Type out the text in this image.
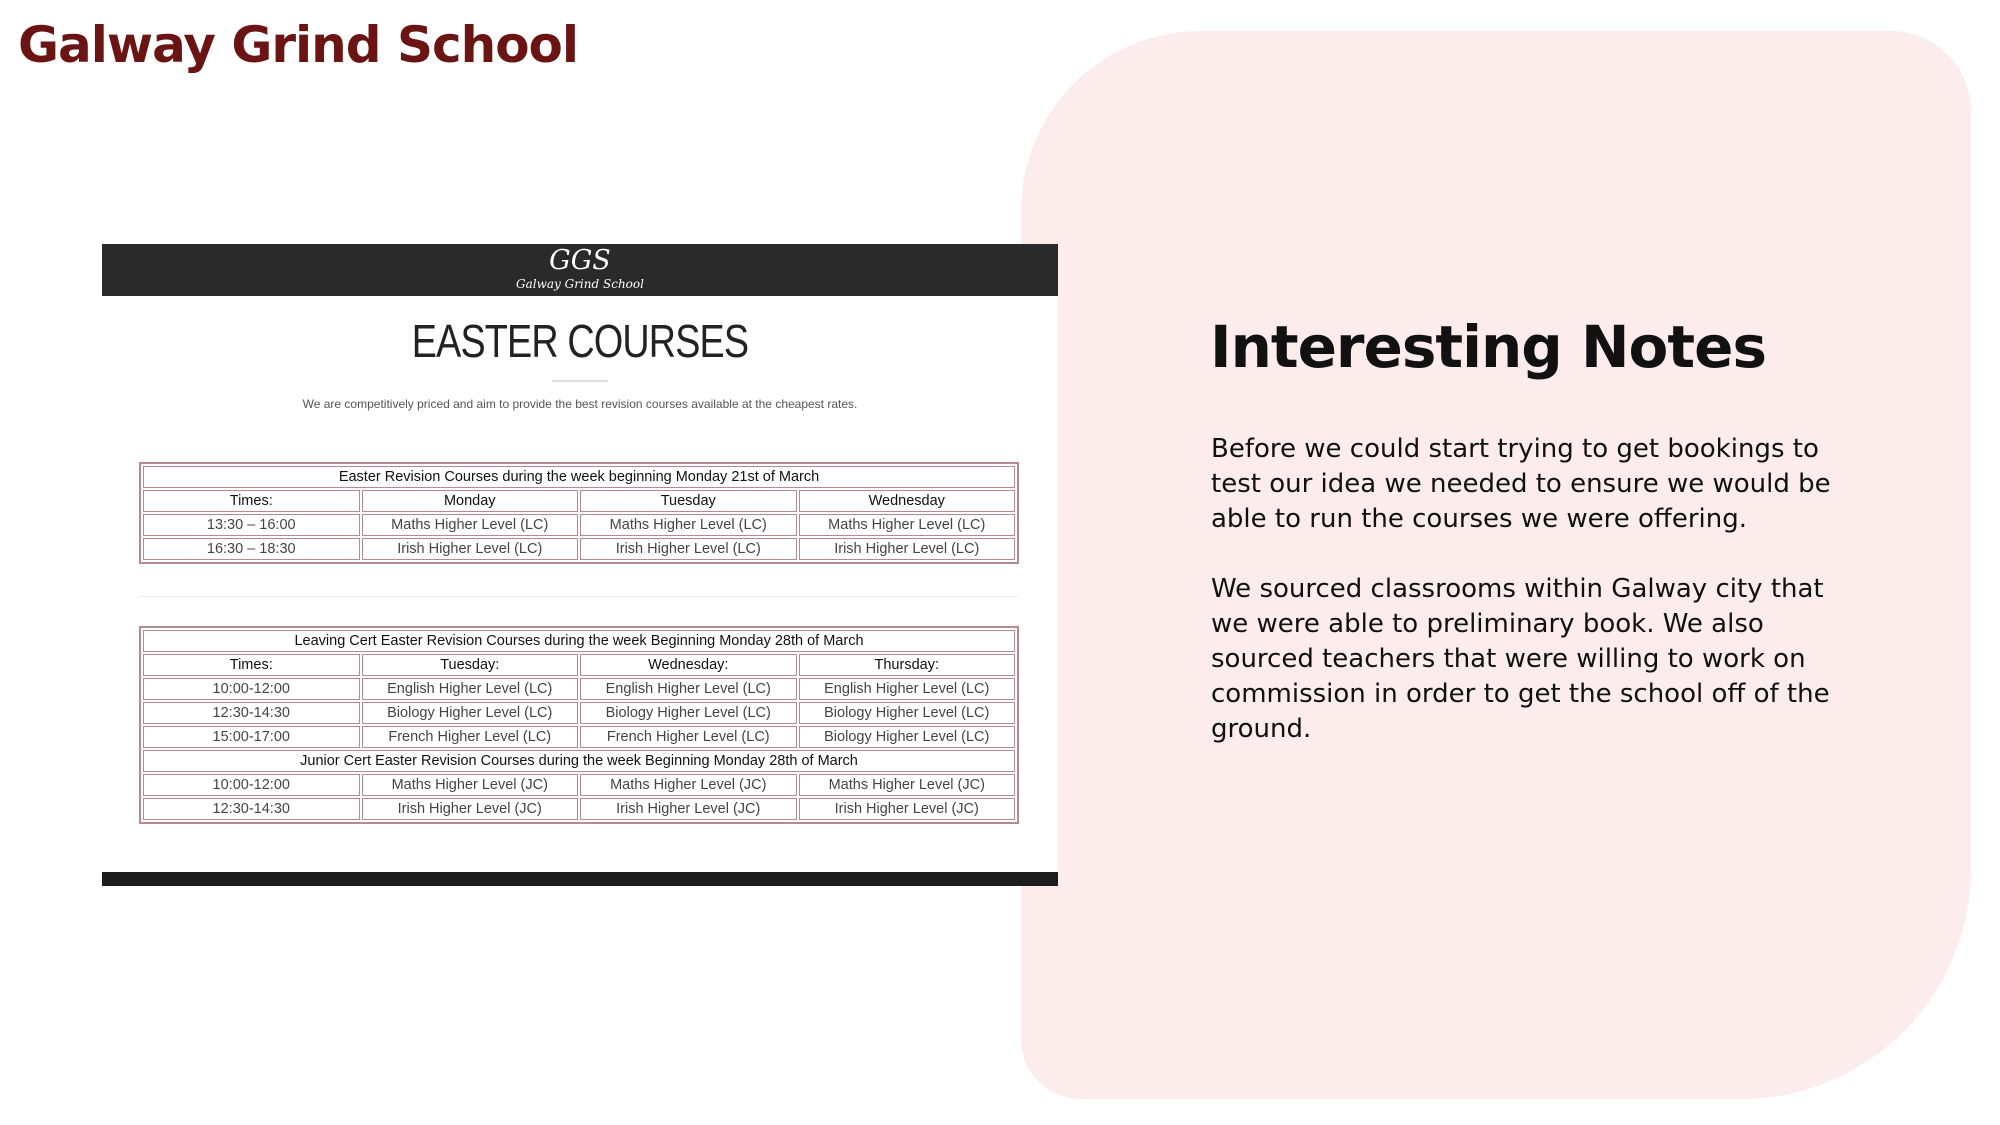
Galway Grind School
GGS
Galway Grind School
EASTER COURSES
We are competitively priced and aim to provide the best revision courses available at the cheapest rates.
Easter Revision Courses during the week beginning Monday 21st of March			
Times:	Monday	Tuesday	Wednesday
13:30 – 16:00	Maths Higher Level (LC)	Maths Higher Level (LC)	Maths Higher Level (LC)
16:30 – 18:30	Irish Higher Level (LC)	Irish Higher Level (LC)	Irish Higher Level (LC)
Leaving Cert Easter Revision Courses during the week Beginning Monday 28th of March			
Times:	Tuesday:	Wednesday:	Thursday:
10:00-12:00	English Higher Level (LC)	English Higher Level (LC)	English Higher Level (LC)
12:30-14:30	Biology Higher Level (LC)	Biology Higher Level (LC)	Biology Higher Level (LC)
15:00-17:00	French Higher Level (LC)	French Higher Level (LC)	Biology Higher Level (LC)
Junior Cert Easter Revision Courses during the week Beginning Monday 28th of March			
10:00-12:00	Maths Higher Level (JC)	Maths Higher Level (JC)	Maths Higher Level (JC)
12:30-14:30	Irish Higher Level (JC)	Irish Higher Level (JC)	Irish Higher Level (JC)
Interesting Notes

Before we could start trying to get bookings to test our idea we needed to ensure we would be able to run the courses we were offering.

We sourced classrooms within Galway city that we were able to preliminary book. We also sourced teachers that were willing to work on commission in order to get the school off of the ground.
